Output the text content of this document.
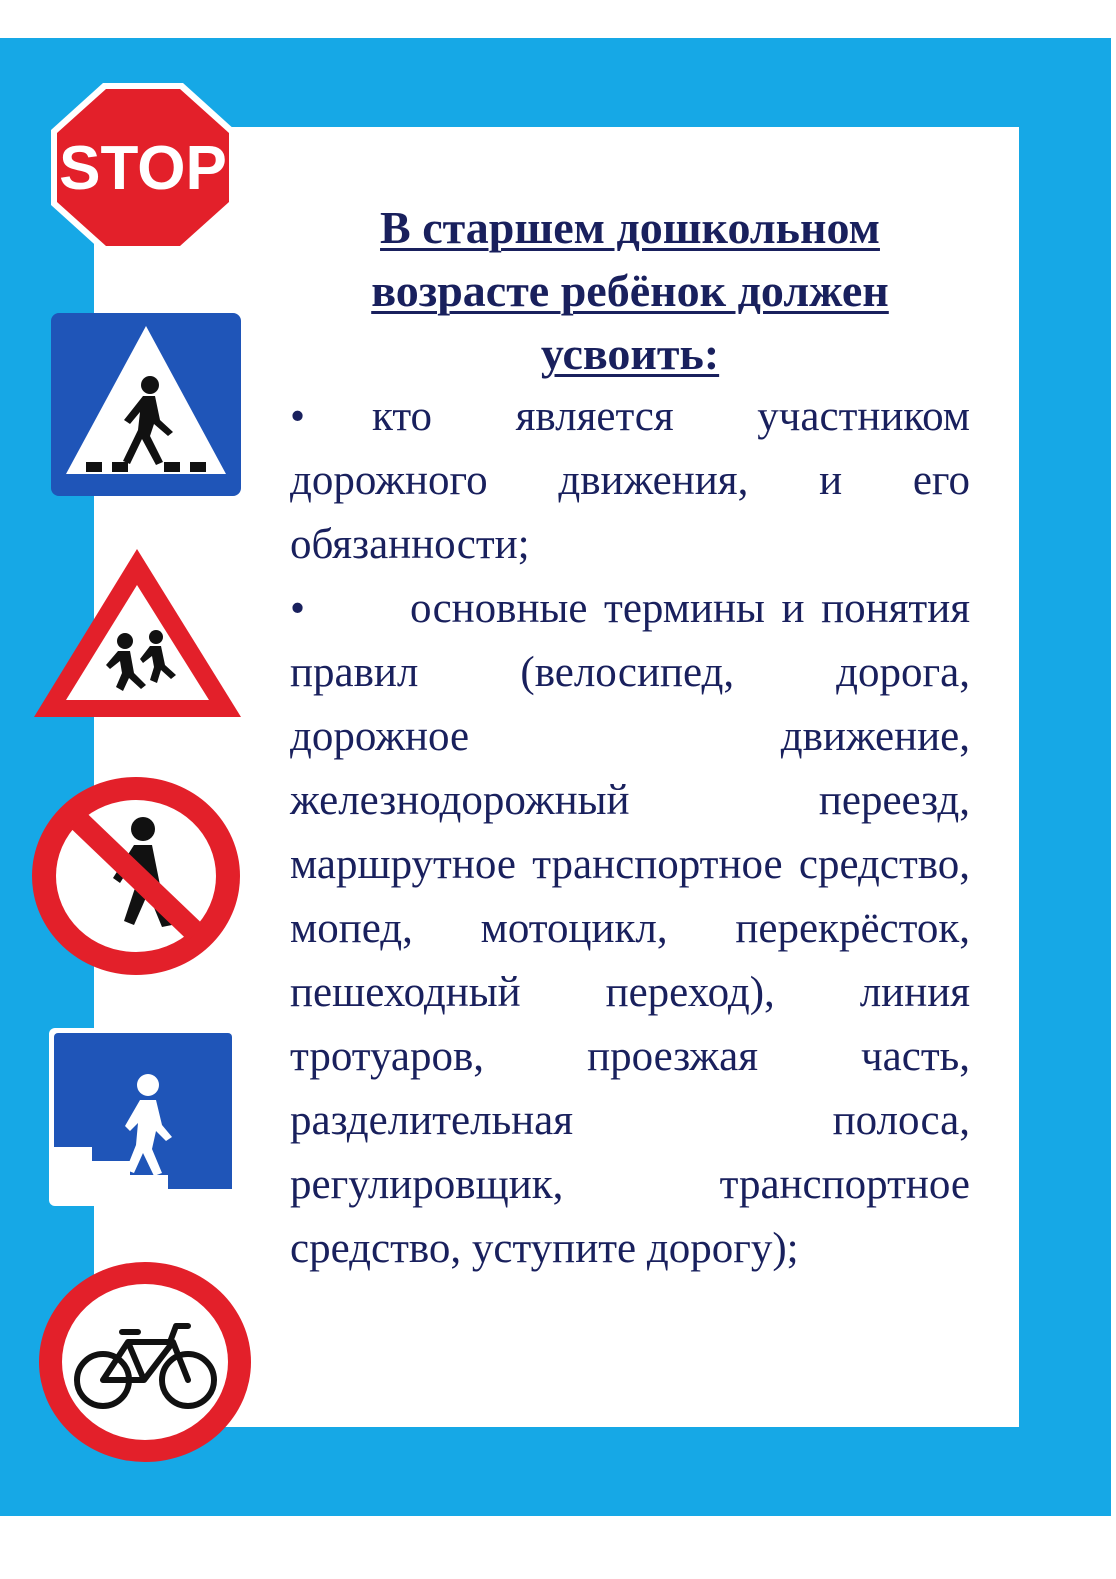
STOP

В старшем дошкольном возрасте ребёнок должен усвоить:

• кто является участником дорожного движения, и его обязанности;

• основные термины и понятия правил (велосипед, дорога, дорожное движение, железнодорожный переезд, маршрутное транспортное средство, мопед, мотоцикл, перекрёсток, пешеходный переход), линия тротуаров, проезжая часть, разделительная полоса, регулировщик, транспортное средство, уступите дорогу);
